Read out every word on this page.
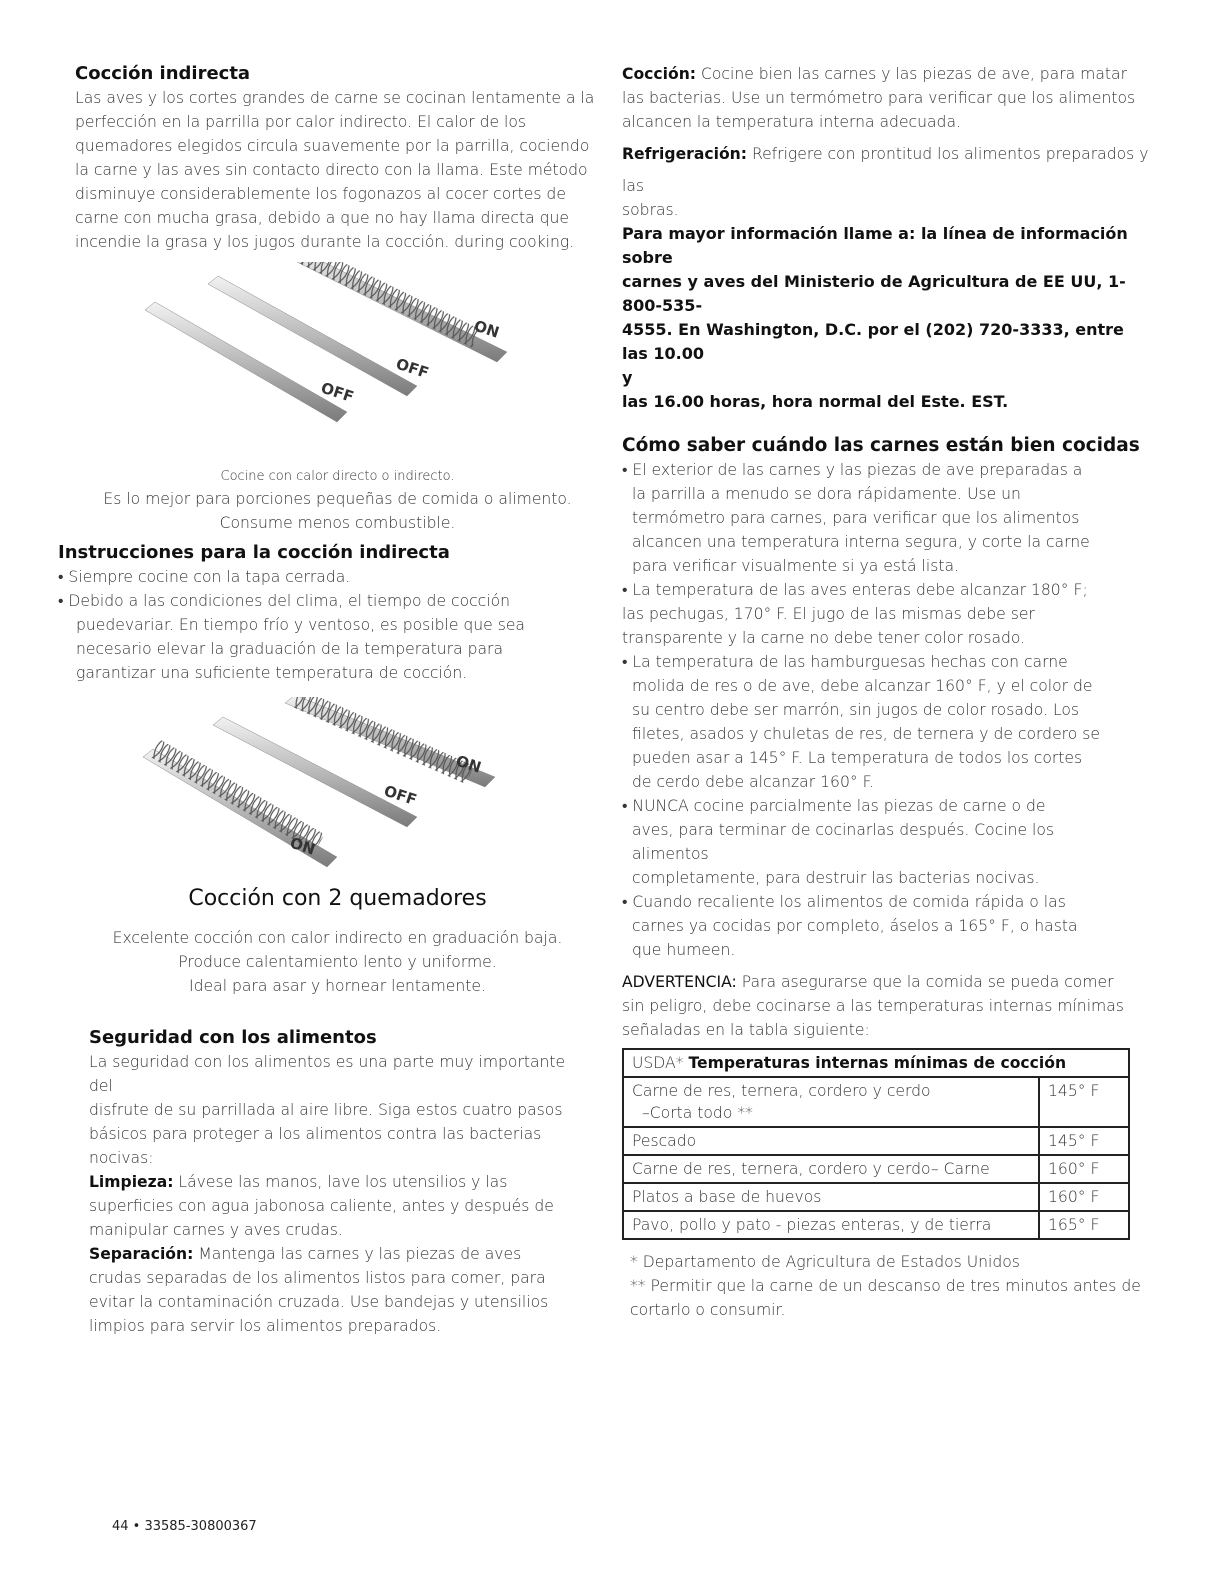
Cocción indirecta

Las aves y los cortes grandes de carne se cocinan lentamente a la

perfección en la parrilla por calor indirecto. El calor de los

quemadores elegidos circula suavemente por la parrilla, cociendo

la carne y las aves sin contacto directo con la llama. Este método

disminuye considerablemente los fogonazos al cocer cortes de

carne con mucha grasa, debido a que no hay llama directa que

incendie la grasa y los jugos durante la cocción. during cooking.

ON
OFF
OFF

Cocine con calor directo o indirecto.

Es lo mejor para porciones pequeñas de comida o alimento.

Consume menos combustible.

Instrucciones para la cocción indirecta

• Siempre cocine con la tapa cerrada.

• Debido a las condiciones del clima, el tiempo de cocción

puedevariar. En tiempo frío y ventoso, es posible que sea

necesario elevar la graduación de la temperatura para

garantizar una suficiente temperatura de cocción.

ON
OFF
ON
Cocción con 2 quemadores

Excelente cocción con calor indirecto en graduación baja.

Produce calentamiento lento y uniforme.

Ideal para asar y hornear lentamente.

Seguridad con los alimentos

La seguridad con los alimentos es una parte muy importante

del

disfrute de su parrillada al aire libre. Siga estos cuatro pasos

básicos para proteger a los alimentos contra las bacterias

nocivas:

Limpieza: Lávese las manos, lave los utensilios y las

superficies con agua jabonosa caliente, antes y después de

manipular carnes y aves crudas.

Separación: Mantenga las carnes y las piezas de aves

crudas separadas de los alimentos listos para comer, para

evitar la contaminación cruzada. Use bandejas y utensilios

limpios para servir los alimentos preparados.

Cocción: Cocine bien las carnes y las piezas de ave, para matar

las bacterias. Use un termómetro para verificar que los alimentos

alcancen la temperatura interna adecuada.

Refrigeración: Refrigere con prontitud los alimentos preparados y

las

sobras.

Para mayor información llame a: la línea de información sobre

carnes y aves del Ministerio de Agricultura de EE UU, 1-800-535-

4555. En Washington, D.C. por el (202) 720-3333, entre las 10.00

y

las 16.00 horas, hora normal del Este. EST.

Cómo saber cuándo las carnes están bien cocidas

• El exterior de las carnes y las piezas de ave preparadas a

la parrilla a menudo se dora rápidamente. Use un

termómetro para carnes, para verificar que los alimentos

alcancen una temperatura interna segura, y corte la carne

para verificar visualmente si ya está lista.

• La temperatura de las aves enteras debe alcanzar 180° F;

las pechugas, 170° F. El jugo de las mismas debe ser

transparente y la carne no debe tener color rosado.

• La temperatura de las hamburguesas hechas con carne

molida de res o de ave, debe alcanzar 160° F, y el color de

su centro debe ser marrón, sin jugos de color rosado. Los

filetes, asados y chuletas de res, de ternera y de cordero se

pueden asar a 145° F. La temperatura de todos los cortes

de cerdo debe alcanzar 160° F.

• NUNCA cocine parcialmente las piezas de carne o de

aves, para terminar de cocinarlas después. Cocine los

alimentos

completamente, para destruir las bacterias nocivas.

• Cuando recaliente los alimentos de comida rápida o las

carnes ya cocidas por completo, áselos a 165° F, o hasta

que humeen.

ADVERTENCIA: Para asegurarse que la comida se pueda comer

sin peligro, debe cocinarse a las temperaturas internas mínimas

señaladas en la tabla siguiente:

USDA* Temperaturas internas mínimas de cocción	
Carne de res, ternera, cordero y cerdo
–Corta todo **	145° F
Pescado	145° F
Carne de res, ternera, cordero y cerdo– Carne	160° F
Platos a base de huevos	160° F
Pavo, pollo y pato - piezas enteras, y de tierra	165° F

* Departamento de Agricultura de Estados Unidos

** Permitir que la carne de un descanso de tres minutos antes de

cortarlo o consumir.

44 • 33585-30800367
